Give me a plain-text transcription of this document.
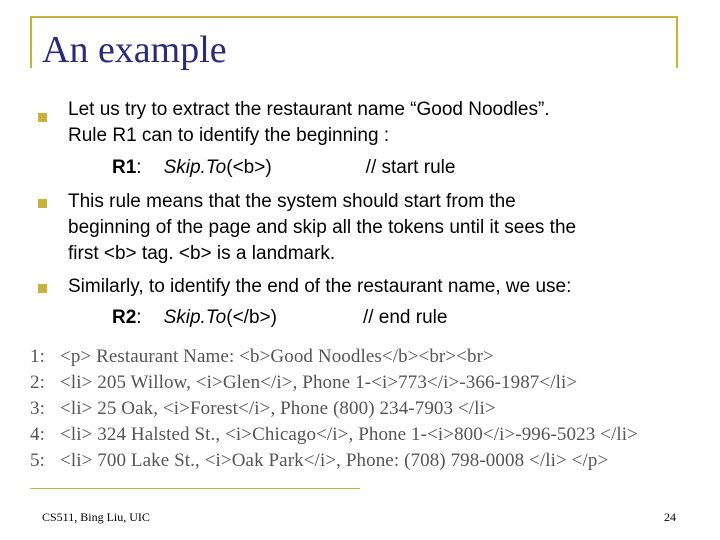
An example
Let us try to extract the restaurant name “Good Noodles”.
Rule R1 can to identify the beginning :
R1: Skip.To(<b>)	// start rule
This rule means that the system should start from the
beginning of the page and skip all the tokens until it sees the
first <b> tag. <b> is a landmark.
Similarly, to identify the end of the restaurant name, we use:
R2: Skip.To(</b>)	// end rule
1: <p> Restaurant Name: <b>Good Noodles</b><br><br>
2: <li> 205 Willow, <i>Glen</i>, Phone 1-<i>773</i>-366-1987</li>
3: <li> 25 Oak, <i>Forest</i>, Phone (800) 234-7903 </li>
4: <li> 324 Halsted St., <i>Chicago</i>, Phone 1-<i>800</i>-996-5023 </li>
5: <li> 700 Lake St., <i>Oak Park</i>, Phone: (708) 798-0008 </li> </p>
CS511, Bing Liu, UIC	24
